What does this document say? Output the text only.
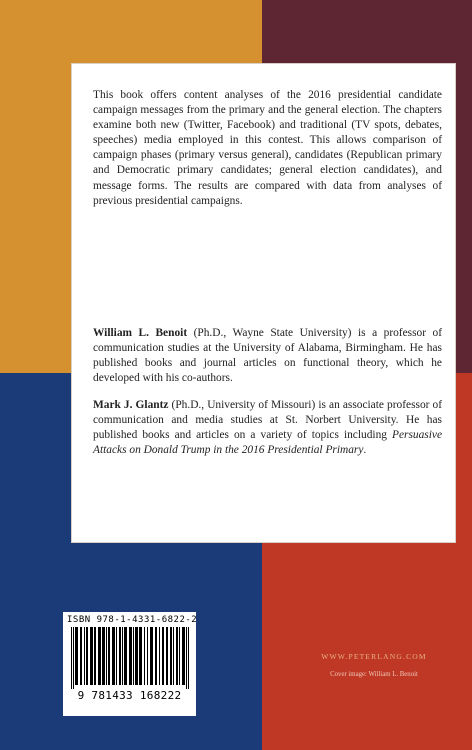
This book offers content analyses of the 2016 presidential candidate campaign messages from the primary and the general election. The chapters examine both new (Twitter, Facebook) and traditional (TV spots, debates, speeches) media employed in this contest. This allows comparison of campaign phases (primary versus general), candidates (Republican primary and Democratic primary candidates; general election candidates), and message forms. The results are compared with data from analyses of previous presidential campaigns.

William L. Benoit (Ph.D., Wayne State University) is a professor of communication studies at the University of Alabama, Birmingham. He has published books and journal articles on functional theory, which he developed with his co-authors.

Mark J. Glantz (Ph.D., University of Missouri) is an associate professor of communication and media studies at St. Norbert University. He has published books and articles on a variety of topics including Persuasive Attacks on Donald Trump in the 2016 Presidential Primary.

ISBN 978-1-4331-6822-2
9 781433 168222
WWW.PETERLANG.COM
Cover image: William L. Benoit
